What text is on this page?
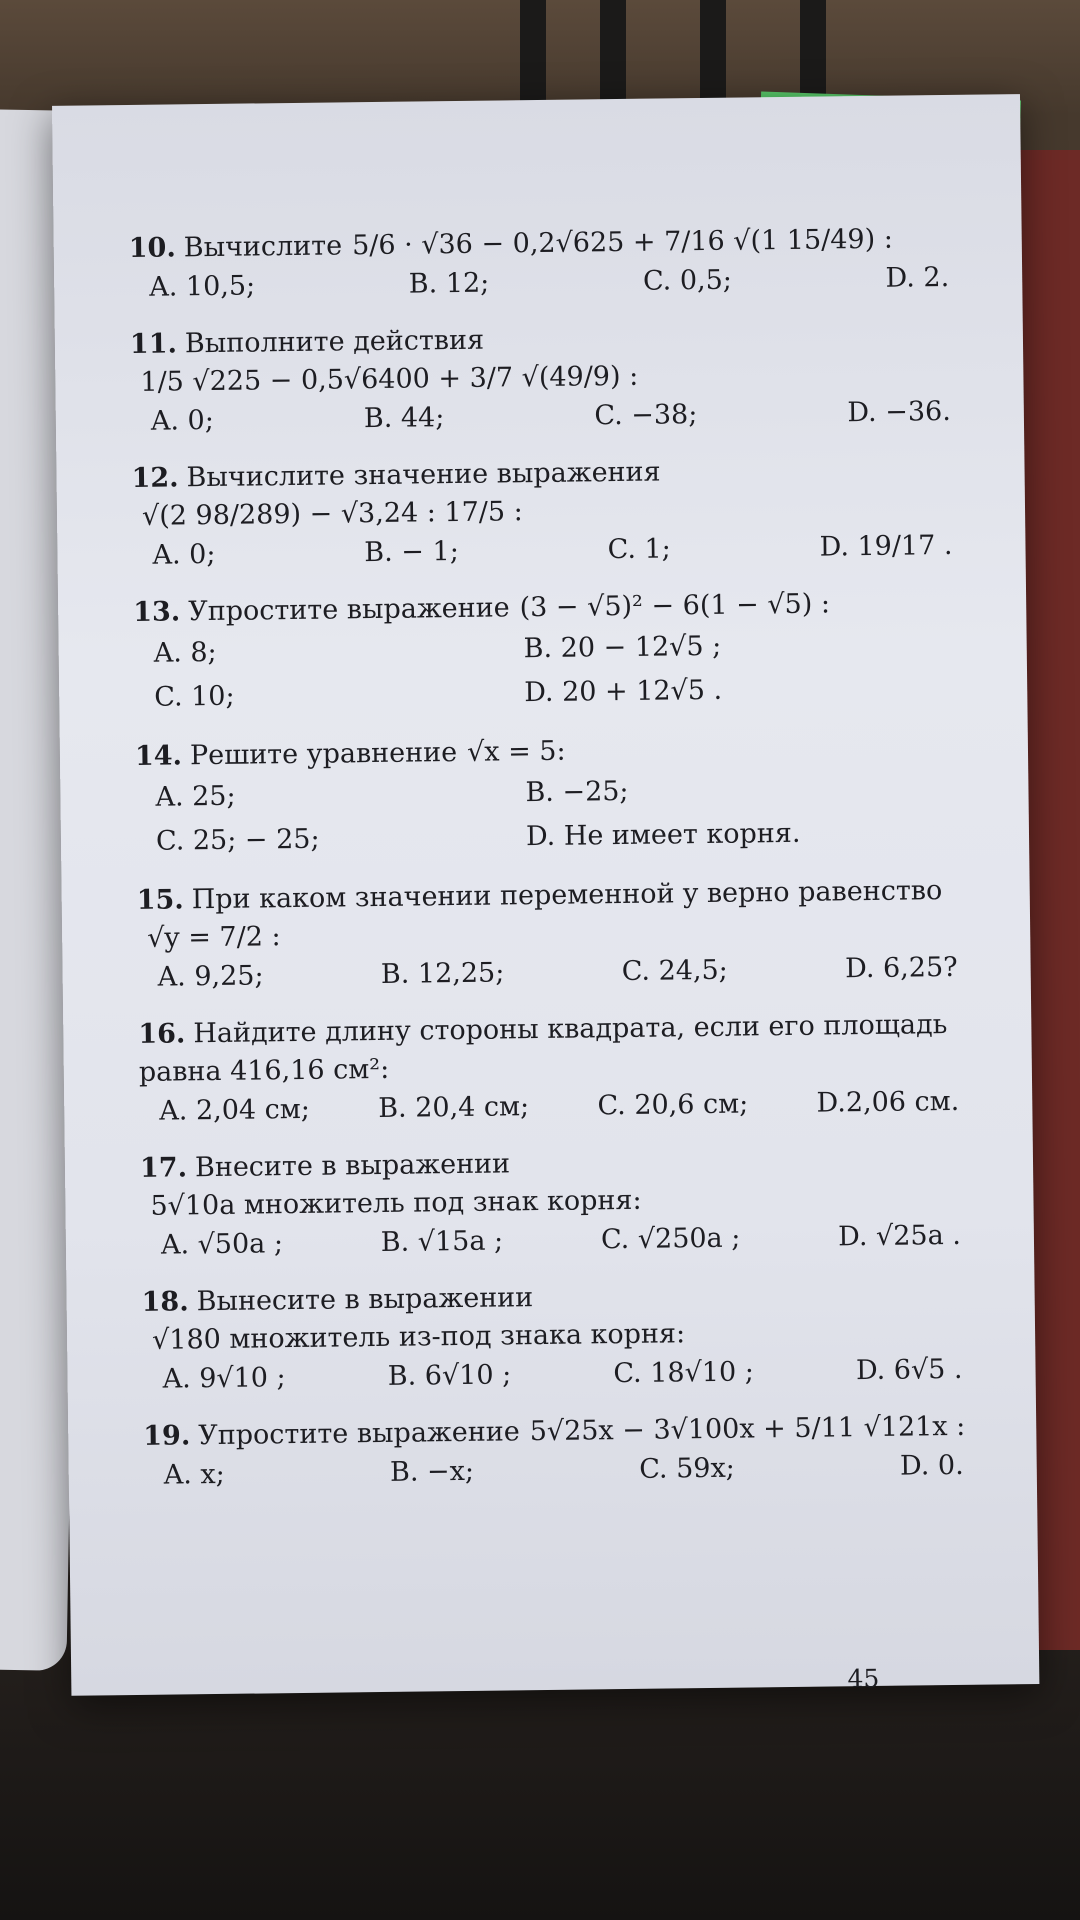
10. Вычислите 5/6 · √36 − 0,2√625 + 7/16 √(1 15/49) :
A. 10,5;	B. 12;	C. 0,5;	D. 2.
11. Выполните действия1/5 √225 − 0,5√6400 + 3/7 √(49/9) :
A. 0;	B. 44;	C. −38;	D. −36.
12. Вычислите значение выражения√(2 98/289) − √3,24 : 17/5 :
A. 0;	B. − 1;	C. 1;	D. 19/17 .
13. Упростите выражение (3 − √5)² − 6(1 − √5) :
A. 8;	B. 20 − 12√5 ;
C. 10;	D. 20 + 12√5 .
14. Решите уравнение √x = 5:
A. 25;	B. −25;
C. 25; − 25;	D. Не имеет корня.
15. При каком значении переменной y верно равенство
√y = 7/2 :
A. 9,25;	B. 12,25;	C. 24,5;	D. 6,25?
16. Найдите длину стороны квадрата, если его площадь равна 416,16 см²:
A. 2,04 см;	B. 20,4 см;	C. 20,6 см;	D.2,06 см.
17. Внесите в выражении5√10a множитель под знак корня:
A. √50a ;	B. √15a ;	C. √250a ;	D. √25a .
18. Вынесите в выражении√180 множитель из-под знака корня:
A. 9√10 ;	B. 6√10 ;	C. 18√10 ;	D. 6√5 .
19. Упростите выражение 5√25x − 3√100x + 5/11 √121x :
A. x;	B. −x;	C. 59x;	D. 0.
45
